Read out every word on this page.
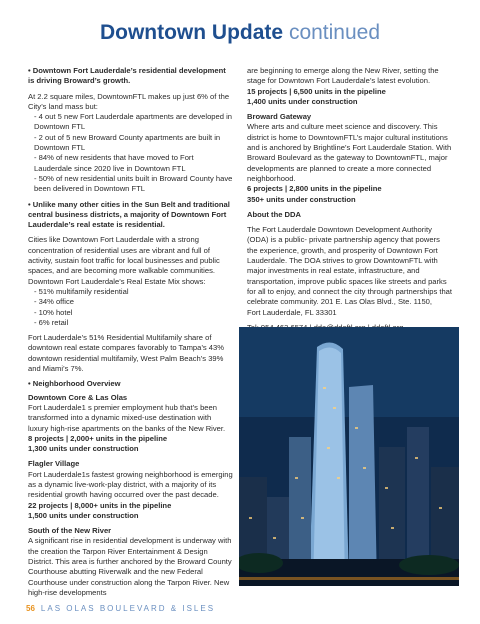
Downtown Update continued

• Downtown Fort Lauderdale’s residential development is driving Broward’s growth.

At 2.2 square miles, DowntownFTL makes up just 6% of the City’s land mass but:

- 4 out 5 new Fort Lauderdale apartments are developed in Downtown FTL

- 2 out of 5 new Broward County apartments are built in Downtown FTL

- 84% of new residents that have moved to Fort Lauderdale since 2020 live in Downtown FTL

- 50% of new residential units built in Broward County have been delivered in Downtown FTL

• Unlike many other cities in the Sun Belt and traditional central business districts, a majority of Downtown Fort Lauderdale’s real estate is residential.

Cities like Downtown Fort Lauderdale with a strong concentration of residential uses are vibrant and full of activity, sustain foot traffic for local businesses and public spaces, and are becoming more walkable communities. Downtown Fort Lauderdale’s Real Estate Mix shows:

- 51% multifamily residential

- 34% office

- 10% hotel

- 6% retail

Fort Lauderdale’s 51% Residential Multifamily share of downtown real estate compares favorably to Tampa’s 43% downtown residential multifamily, West Palm Beach’s 39% and Miami’s 7%.

• Neighborhood Overview

Downtown Core & Las Olas

Fort Lauderdale1 s premier employment hub that’s been transformed into a dynamic mixed-use destination with luxury high-rise apartments on the banks of the New River.

8 projects | 2,000+ units in the pipeline

1,300 units under construction

Flagler Village

Fort Lauderdale1s fastest growing neighborhood is emerging as a dynamic live-work-play district, with a majority of its residential growth having occurred over the past decade.

22 projects | 8,000+ units in the pipeline

1,500 units under construction

South of the New River

A significant rise in residential development is underway with the creation the Tarpon River Entertainment & Design District. This area is further anchored by the Broward County Courthouse abutting Riverwalk and the new Federal Courthouse under construction along the Tarpon River. New high-rise developments

are beginning to emerge along the New River, setting the stage for Downtown Fort Lauderdale’s latest evolution.

15 projects | 6,500 units in the pipeline

1,400 units under construction

Broward Gateway

Where arts and culture meet science and discovery. This district is home to DowntownFTL’s major cultural institutions and is anchored by Brightline’s Fort Lauderdale Station. With Broward Boulevard as the gateway to DowntownFTL, major developments are planned to create a more connected neighborhood.

6 projects | 2,800 units in the pipeline

350+ units under construction

About the DDA

The Fort Lauderdale Downtown Development Authority (ODA) is a public- private partnership agency that powers the experience, growth, and prosperity of Downtown Fort Lauderdale. The DOA strives to grow DowntownFTL with major investments in real estate, infrastructure, and transportation, improve public spaces like streets and parks for all to enjoy, and connect the city through partnerships that celebrate community. 201 E. Las Olas Blvd., Ste. 1150,

Fort Lauderdale, FL 33301

56 LAS OLAS BOULEVARD & ISLES
